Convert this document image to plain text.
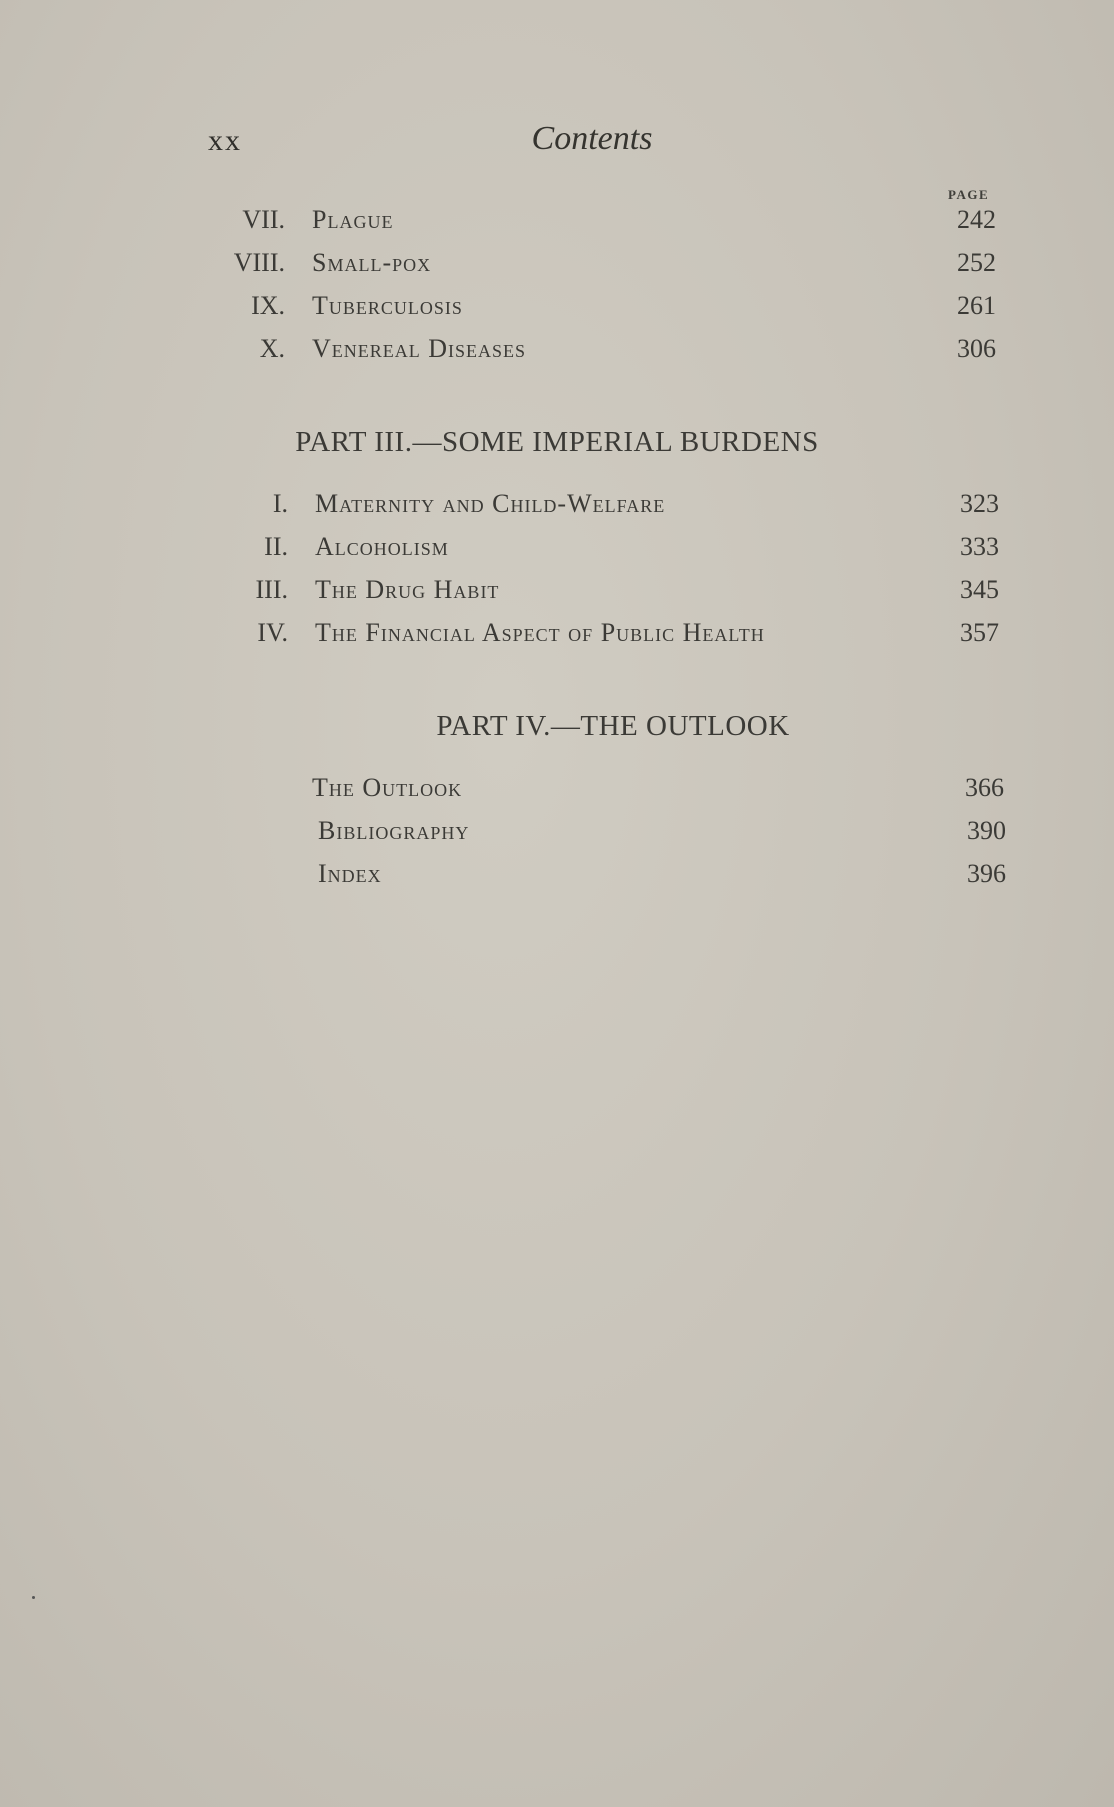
xx	Contents
PAGE
VII. Plague	242
VIII. Small-pox	252
IX. Tuberculosis	261
X. Venereal Diseases	306
PART III.—SOME IMPERIAL BURDENS
I. Maternity and Child-Welfare	323
II. Alcoholism	333
III. The Drug Habit	345
IV. The Financial Aspect of Public Health	357
PART IV.—THE OUTLOOK
The Outlook	366
Bibliography	390
Index	396
